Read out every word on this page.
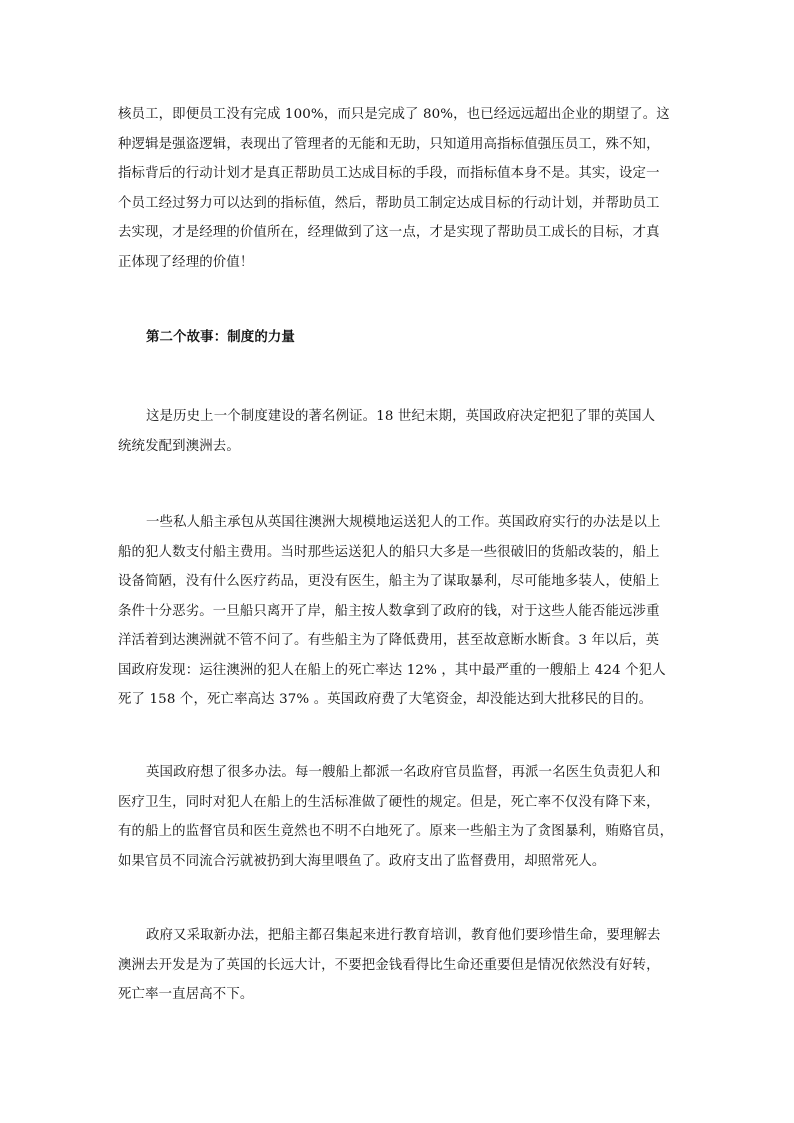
核员工，即便员工没有完成 100%，而只是完成了 80%，也已经远远超出企业的期望了。这
种逻辑是强盗逻辑，表现出了管理者的无能和无助，只知道用高指标值强压员工，殊不知，
指标背后的行动计划才是真正帮助员工达成目标的手段，而指标值本身不是。其实，设定一
个员工经过努力可以达到的指标值，然后，帮助员工制定达成目标的行动计划，并帮助员工
去实现，才是经理的价值所在，经理做到了这一点，才是实现了帮助员工成长的目标，才真
正体现了经理的价值！
第二个故事：制度的力量
这是历史上一个制度建设的著名例证。18 世纪末期，英国政府决定把犯了罪的英国人
统统发配到澳洲去。
一些私人船主承包从英国往澳洲大规模地运送犯人的工作。英国政府实行的办法是以上
船的犯人数支付船主费用。当时那些运送犯人的船只大多是一些很破旧的货船改装的，船上
设备简陋，没有什么医疗药品，更没有医生，船主为了谋取暴利，尽可能地多装人，使船上
条件十分恶劣。一旦船只离开了岸，船主按人数拿到了政府的钱，对于这些人能否能远涉重
洋活着到达澳洲就不管不问了。有些船主为了降低费用，甚至故意断水断食。3 年以后，英
国政府发现：运往澳洲的犯人在船上的死亡率达 12% ，其中最严重的一艘船上 424 个犯人
死了 158 个，死亡率高达 37% 。英国政府费了大笔资金，却没能达到大批移民的目的。
英国政府想了很多办法。每一艘船上都派一名政府官员监督，再派一名医生负责犯人和
医疗卫生，同时对犯人在船上的生活标准做了硬性的规定。但是，死亡率不仅没有降下来，
有的船上的监督官员和医生竟然也不明不白地死了。原来一些船主为了贪图暴利，贿赂官员，
如果官员不同流合污就被扔到大海里喂鱼了。政府支出了监督费用，却照常死人。
政府又采取新办法，把船主都召集起来进行教育培训，教育他们要珍惜生命，要理解去
澳洲去开发是为了英国的长远大计，不要把金钱看得比生命还重要但是情况依然没有好转，
死亡率一直居高不下。
